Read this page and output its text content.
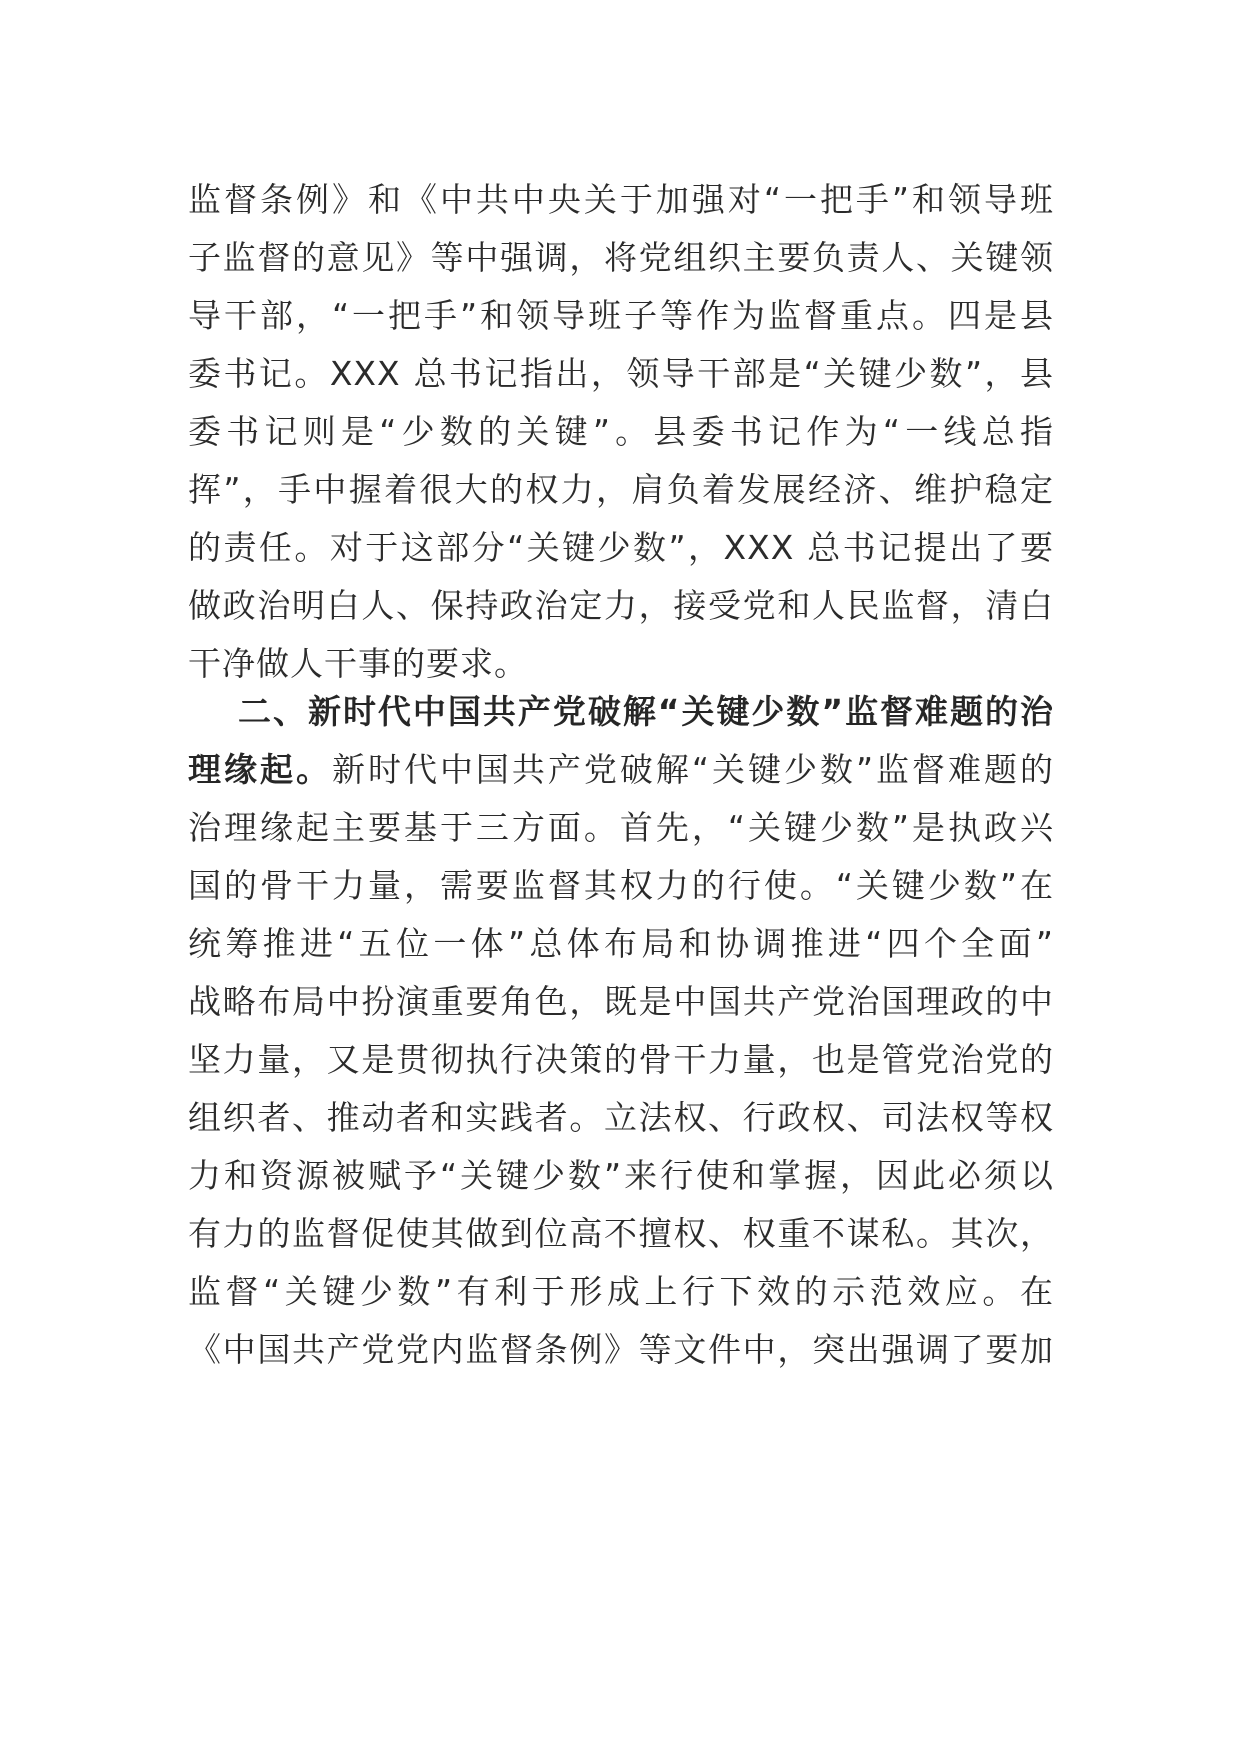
监督条例》和《中共中央关于加强对“一把手”和领导班
子监督的意见》等中强调，将党组织主要负责人、关键领
导干部，“一把手”和领导班子等作为监督重点。四是县
委书记。XXX 总书记指出，领导干部是“关键少数”，县
委书记则是“少数的关键”。县委书记作为“一线总指
挥”，手中握着很大的权力，肩负着发展经济、维护稳定
的责任。对于这部分“关键少数”，XXX 总书记提出了要
做政治明白人、保持政治定力，接受党和人民监督，清白
干净做人干事的要求。
二、新时代中国共产党破解“关键少数”监督难题的治
理缘起。新时代中国共产党破解“关键少数”监督难题的
治理缘起主要基于三方面。首先，“关键少数”是执政兴
国的骨干力量，需要监督其权力的行使。“关键少数”在
统筹推进“五位一体”总体布局和协调推进“四个全面”
战略布局中扮演重要角色，既是中国共产党治国理政的中
坚力量，又是贯彻执行决策的骨干力量，也是管党治党的
组织者、推动者和实践者。立法权、行政权、司法权等权
力和资源被赋予“关键少数”来行使和掌握，因此必须以
有力的监督促使其做到位高不擅权、权重不谋私。其次，
监督“关键少数”有利于形成上行下效的示范效应。在
《中国共产党党内监督条例》等文件中，突出强调了要加
